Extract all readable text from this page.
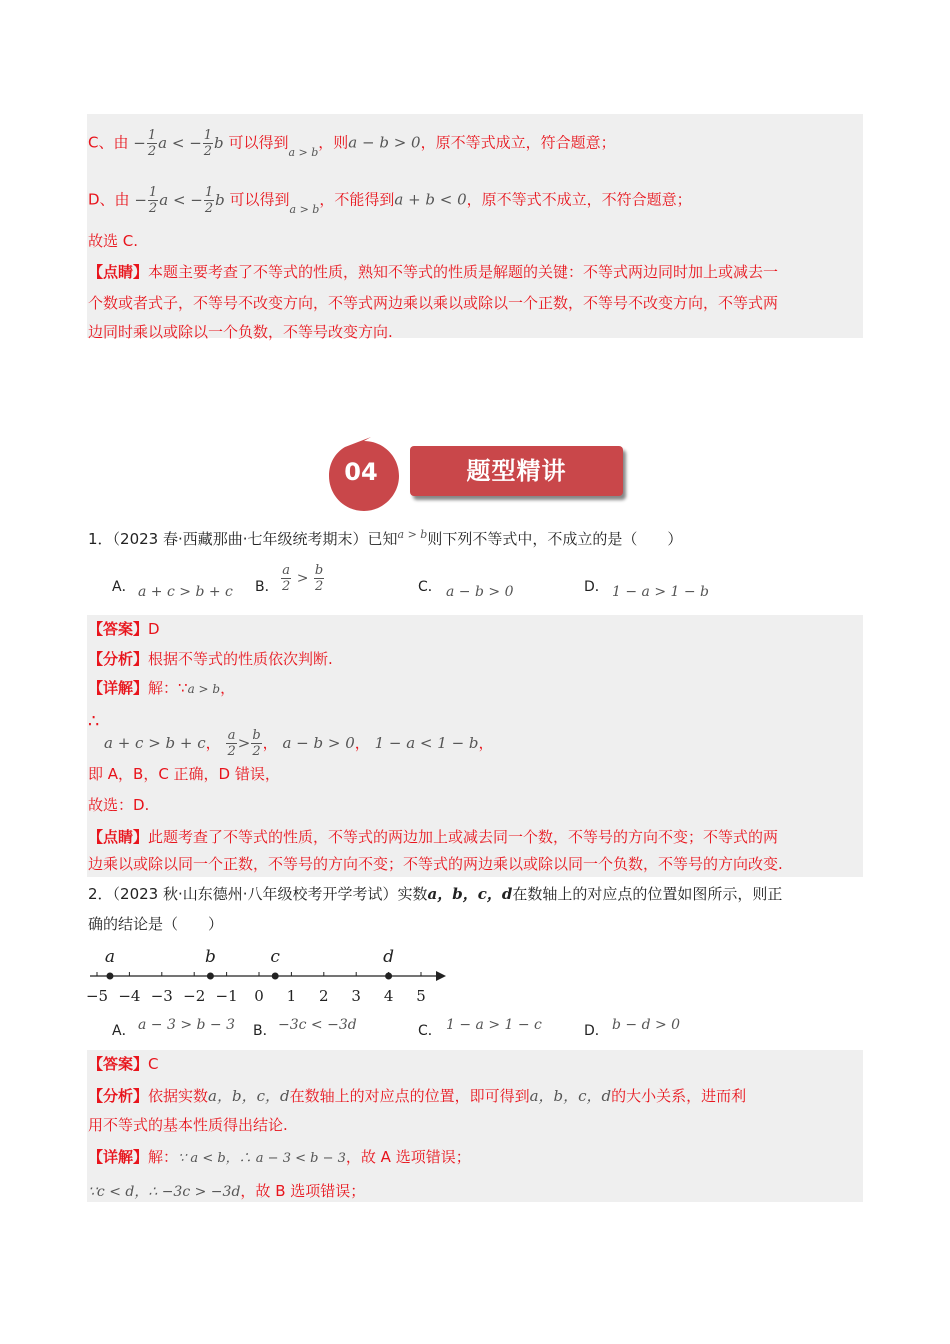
C、由 − $\frac{1}{2}$ a < − $\frac{1}{2}$ b 可以得到a > b，则a − b > 0，原不等式成立，符合题意；
D、由 − $\frac{1}{2}$ a < − $\frac{1}{2}$ b 可以得到a > b，不能得到a + b < 0，原不等式不成立，不符合题意；
故选 C.
【点睛】本题主要考查了不等式的性质，熟知不等式的性质是解题的关键：不等式两边同时加上或减去一
个数或者式子，不等号不改变方向，不等式两边乘以乘以或除以一个正数，不等号不改变方向，不等式两
边同时乘以或除以一个负数，不等号改变方向.
04	题型精讲
1．（2023 春·西藏那曲·七年级统考期末）已知$^{a > b}$则下列不等式中，不成立的是（　　）
A． a + c > b + c B． $\frac{a}{2} > \frac{b}{2}$	C． a − b > 0	D． 1 − a > 1 − b
【答案】D
【分析】根据不等式的性质依次判断.
【详解】解：∵a > b，
∴
a + c > b + c， $\frac{a}{2} > \frac{b}{2}$ ， a − b > 0， 1 − a < 1 − b，
即 A，B，C 正确，D 错误，
故选：D.
【点睛】此题考查了不等式的性质，不等式的两边加上或减去同一个数，不等号的方向不变；不等式的两
边乘以或除以同一个正数，不等号的方向不变；不等式的两边乘以或除以同一个负数，不等号的方向改变.
2．（2023 秋·山东德州·八年级校考开学考试）实数a，b，c，d在数轴上的对应点的位置如图所示，则正
确的结论是（　　）
−5 −4 −3 −2 −1 0 1 2 3 4 5
a	b	c	d
A． a − 3 > b − 3 B． −3c < −3d	C． 1 − a > 1 − c	D． b − d > 0
【答案】C
【分析】依据实数a，b，c，d在数轴上的对应点的位置，即可得到a，b，c，d的大小关系，进而利
用不等式的基本性质得出结论.
【详解】解：∵ a < b，∴ a − 3 < b − 3，故 A 选项错误；
∵c < d，∴ −3c > −3d，故 B 选项错误；
